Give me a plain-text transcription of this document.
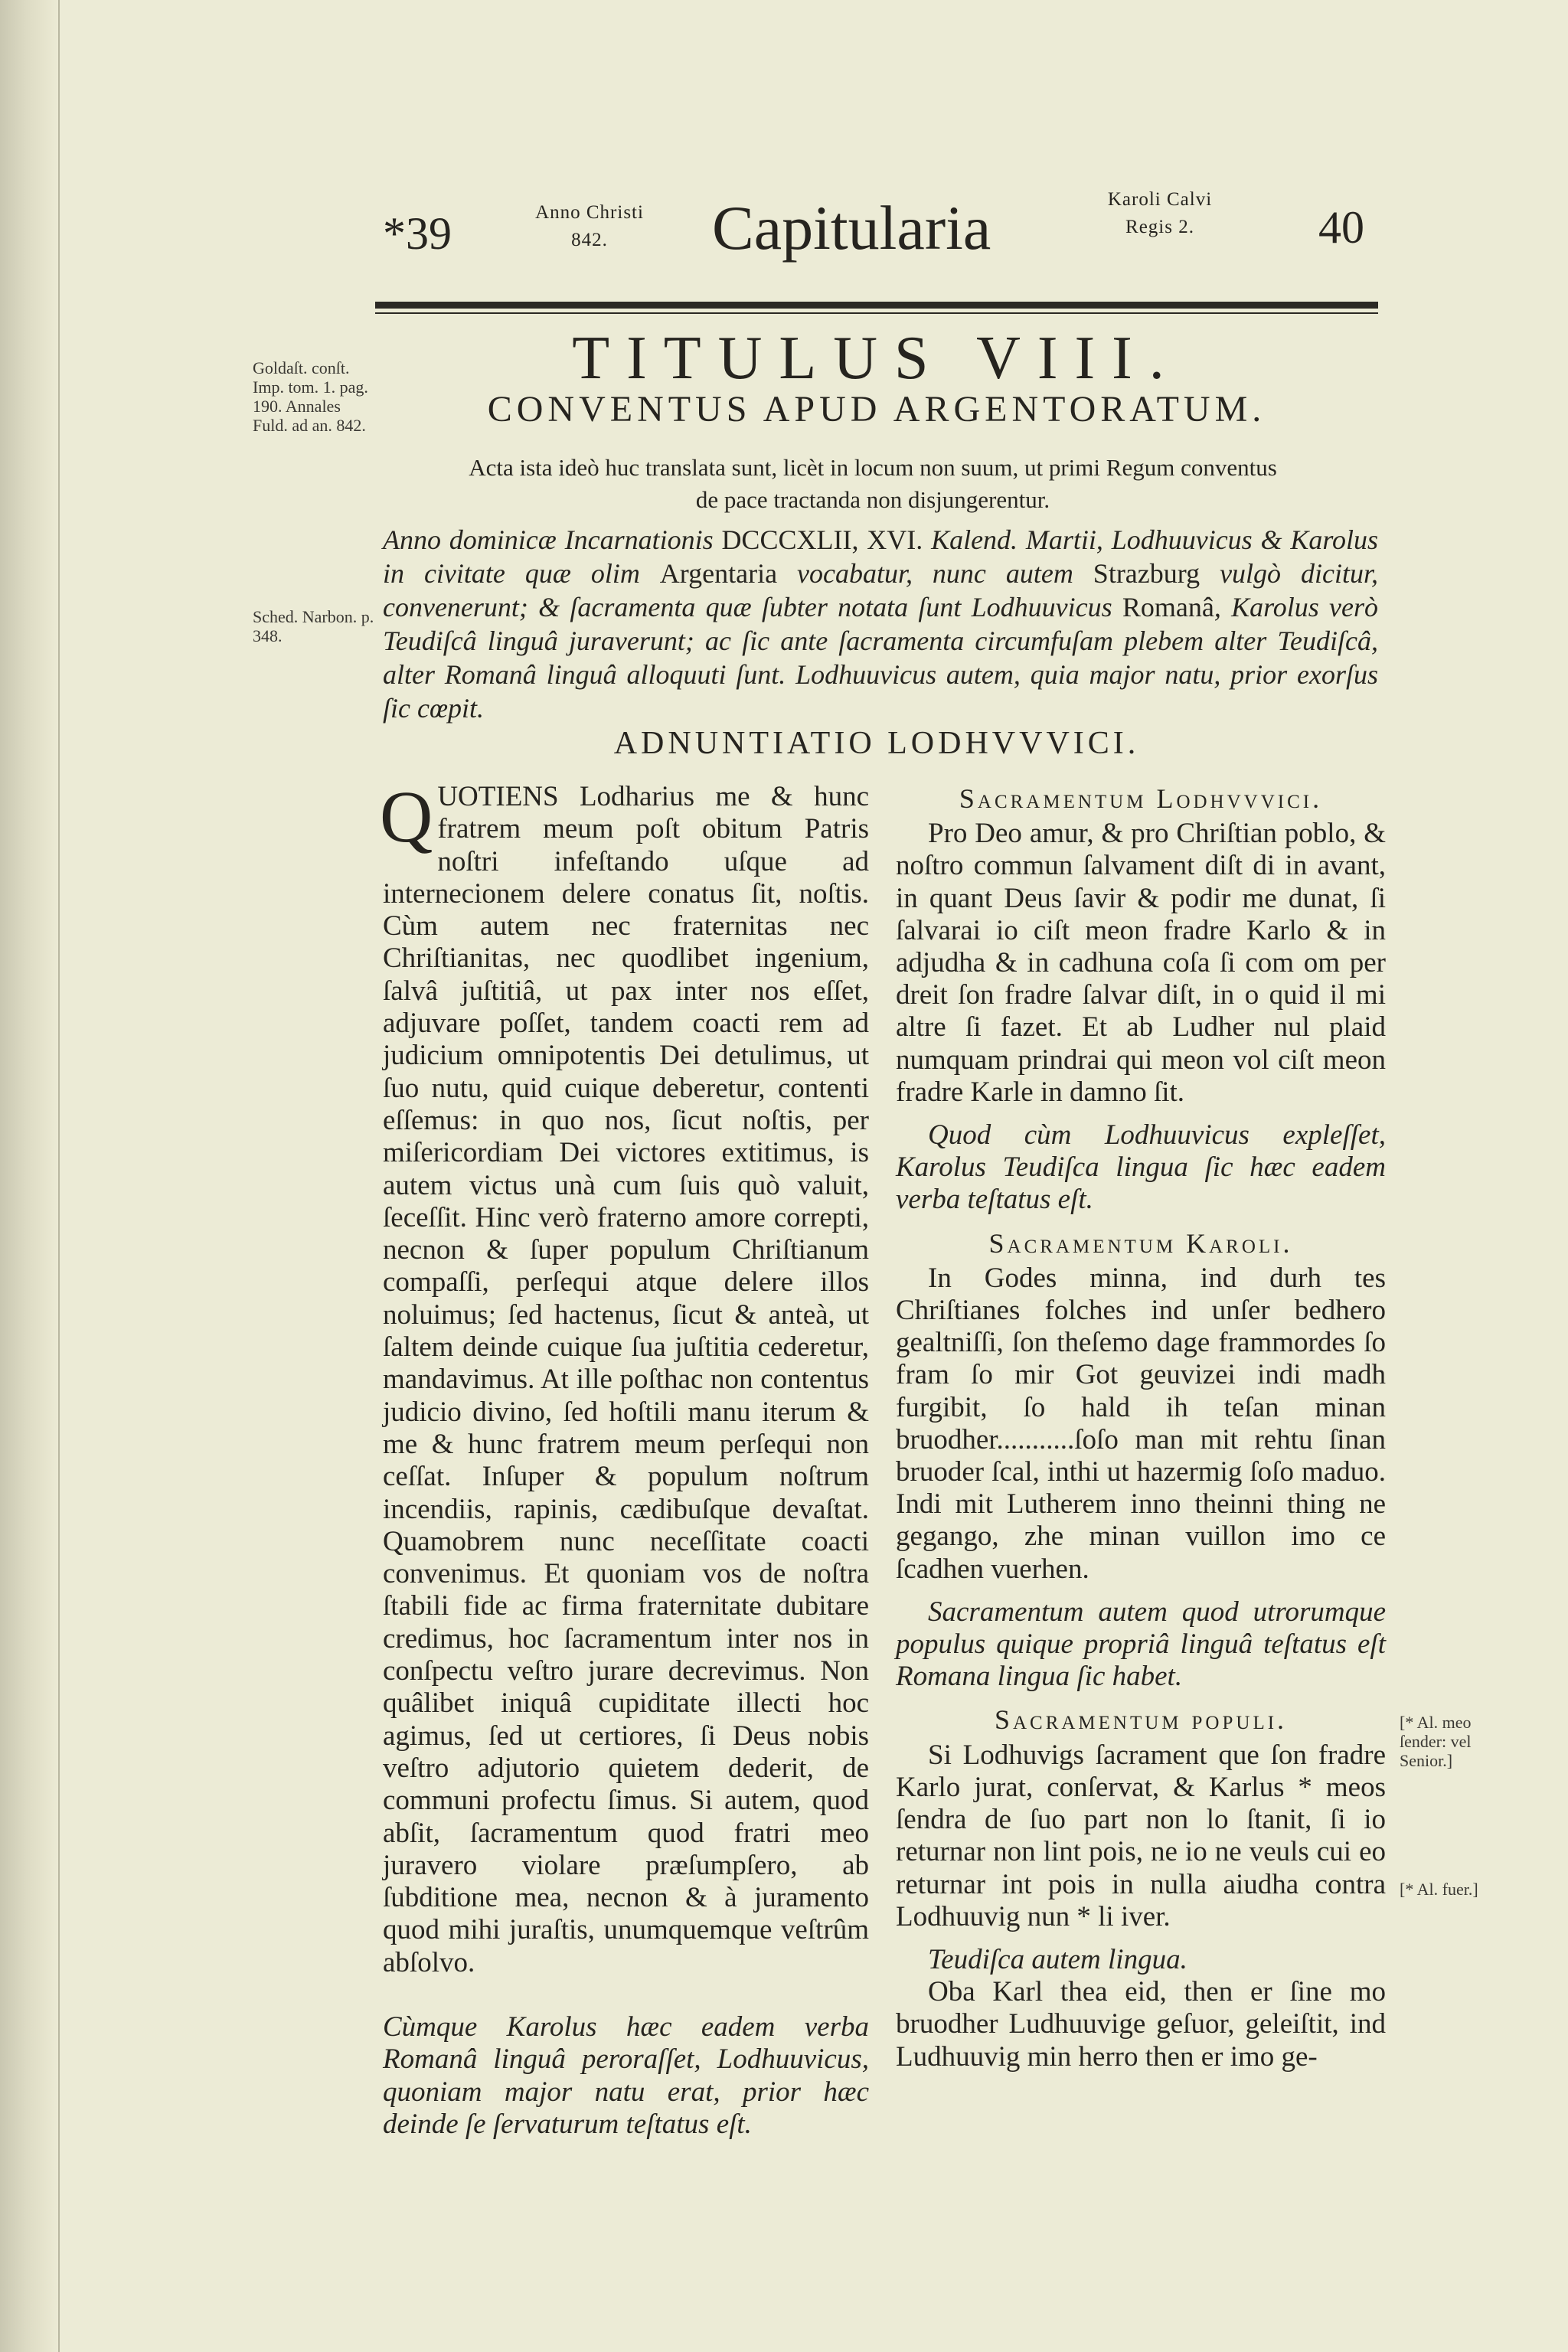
*39	Anno Christi
842.	Capitularia	Karoli Calvi
Regis 2.	40
TITULUS VIII.
CONVENTUS APUD ARGENTORATUM.
Acta ista ideò huc translata sunt, licèt in locum non suum, ut primi Regum conventus
de pace tractanda non disjungerentur.
Anno dominicæ Incarnationis DCCCXLII, XVI. Kalend. Martii, Lodhuuvicus & Karolus in civitate quæ olim Argentaria vocabatur, nunc autem Strazburg vulgò dicitur, convenerunt; & ſacramenta quæ ſubter notata ſunt Lodhuuvicus Romanâ, Karolus verò Teudiſcâ linguâ juraverunt; ac ſic ante ſacramenta circumfuſam plebem alter Teudiſcâ, alter Romanâ linguâ alloquuti ſunt. Lodhuuvicus autem, quia major natu, prior exorſus ſic cœpit.
ADNUNTIATIO LODHVVVICI.

QUOTIENS Lodharius me & hunc fratrem meum poſt obitum Patris noſtri infeſtando uſque ad internecionem delere conatus ſit, noſtis. Cùm autem nec fraternitas nec Chriſtianitas, nec quodlibet ingenium, ſalvâ juſtitiâ, ut pax inter nos eſſet, adjuvare poſſet, tandem coacti rem ad judicium omnipotentis Dei detulimus, ut ſuo nutu, quid cuique deberetur, contenti eſſemus: in quo nos, ſicut noſtis, per miſericordiam Dei victores extitimus, is autem victus unà cum ſuis quò valuit, ſeceſſit. Hinc verò fraterno amore correpti, necnon & ſuper populum Chriſtianum compaſſi, perſequi atque delere illos noluimus; ſed hactenus, ſicut & anteà, ut ſaltem deinde cuique ſua juſtitia cederetur, mandavimus. At ille poſthac non contentus judicio divino, ſed hoſtili manu iterum & me & hunc fratrem meum perſequi non ceſſat. Inſuper & populum noſtrum incendiis, rapinis, cædibuſque devaſtat. Quamobrem nunc neceſſitate coacti convenimus. Et quoniam vos de noſtra ſtabili fide ac firma fraternitate dubitare credimus, hoc ſacramentum inter nos in conſpectu veſtro jurare decrevimus. Non quâlibet iniquâ cupiditate illecti hoc agimus, ſed ut certiores, ſi Deus nobis veſtro adjutorio quietem dederit, de communi profectu ſimus. Si autem, quod abſit, ſacramentum quod fratri meo juravero violare præſumpſero, ab ſubditione mea, necnon & à juramento quod mihi juraſtis, unumquemque veſtrûm abſolvo.

Cùmque Karolus hæc eadem verba Romanâ linguâ peroraſſet, Lodhuuvicus, quoniam major natu erat, prior hæc deinde ſe ſervaturum teſtatus eſt.

Sacramentum Lodhvvvici.

Pro Deo amur, & pro Chriſtian poblo, & noſtro commun ſalvament diſt di in avant, in quant Deus ſavir & podir me dunat, ſi ſalvarai io ciſt meon fradre Karlo & in adjudha & in cadhuna coſa ſi com om per dreit ſon fradre ſalvar diſt, in o quid il mi altre ſi fazet. Et ab Ludher nul plaid numquam prindrai qui meon vol ciſt meon fradre Karle in damno ſit.

Quod cùm Lodhuuvicus expleſſet, Karolus Teudiſca lingua ſic hæc eadem verba teſtatus eſt.

Sacramentum Karoli.

In Godes minna, ind durh tes Chriſtianes folches ind unſer bedhero gealtniſſi, ſon theſemo dage frammordes ſo fram ſo mir Got geuvizei indi madh furgibit, ſo hald ih teſan minan bruodher...........ſoſo man mit rehtu ſinan bruoder ſcal, inthi ut hazermig ſoſo maduo. Indi mit Lutherem inno theinni thing ne gegango, zhe minan vuillon imo ce ſcadhen vuerhen.

Sacramentum autem quod utrorumque populus quique propriâ linguâ teſtatus eſt Romana lingua ſic habet.

Sacramentum populi.

Si Lodhuvigs ſacrament que ſon fradre Karlo jurat, conſervat, & Karlus * meos ſendra de ſuo part non lo ſtanit, ſi io returnar non lint pois, ne io ne veuls cui eo returnar int pois in nulla aiudha contra Lodhuuvig nun * li iver.

Teudiſca autem lingua.

Oba Karl thea eid, then er ſine mo bruodher Ludhuuvige geſuor, geleiſtit, ind Ludhuuvig min herro then er imo ge-

Goldaſt. conſt. Imp. tom. 1. pag. 190. Annales Fuld. ad an. 842.
Sched. Narbon. p. 348.
[* Al. meo ſender: vel Senior.]
[* Al. fuer.]
